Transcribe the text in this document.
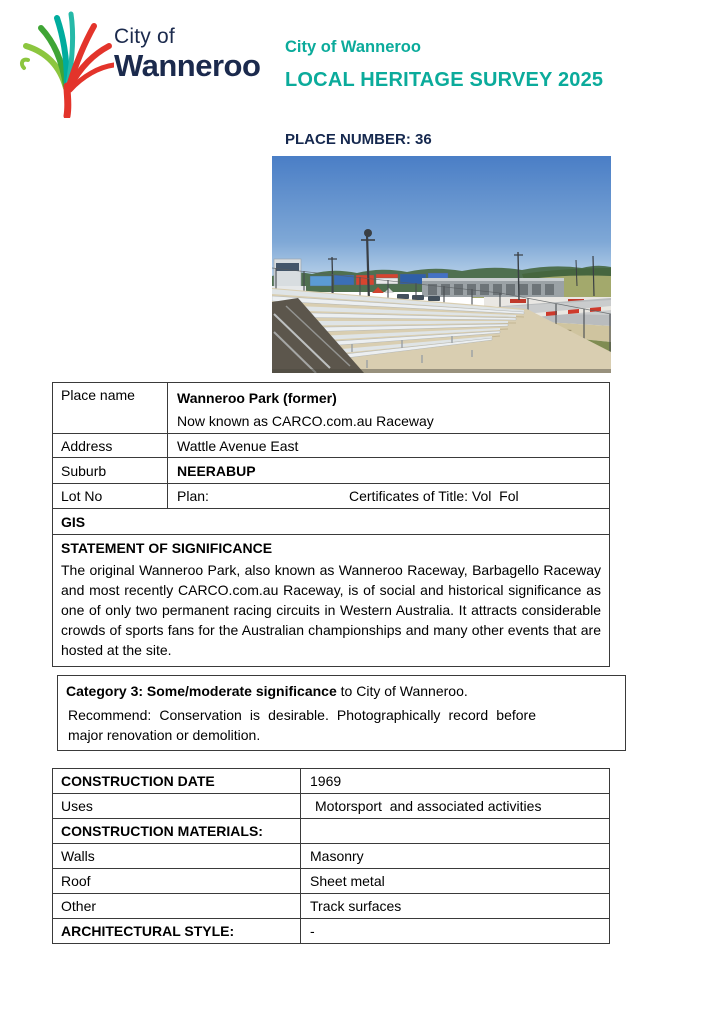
City of
Wanneroo
City of Wanneroo
LOCAL HERITAGE SURVEY 2025
PLACE NUMBER: 36
Place name	Wanneroo Park (former)
Now known as CARCO.com.au Raceway
Address	Wattle Avenue East
Suburb	NEERABUP
Lot No	Plan:	Certificates of Title: Vol  Fol
GIS
STATEMENT OF SIGNIFICANCE

The original Wanneroo Park, also known as Wanneroo Raceway, Barbagello Raceway and most recently CARCO.com.au Raceway, is of social and historical significance as one of only two permanent racing circuits in Western Australia. It attracts considerable crowds of sports fans for the Australian championships and many other events that are hosted at the site.

Category 3: Some/moderate significance to City of Wanneroo.

Recommend: Conservation is desirable. Photographically record before major renovation or demolition.

CONSTRUCTION DATE	1969
Uses	Motorsport  and associated activities
CONSTRUCTION MATERIALS:
Walls	Masonry
Roof	Sheet metal
Other	Track surfaces
ARCHITECTURAL STYLE:	-
